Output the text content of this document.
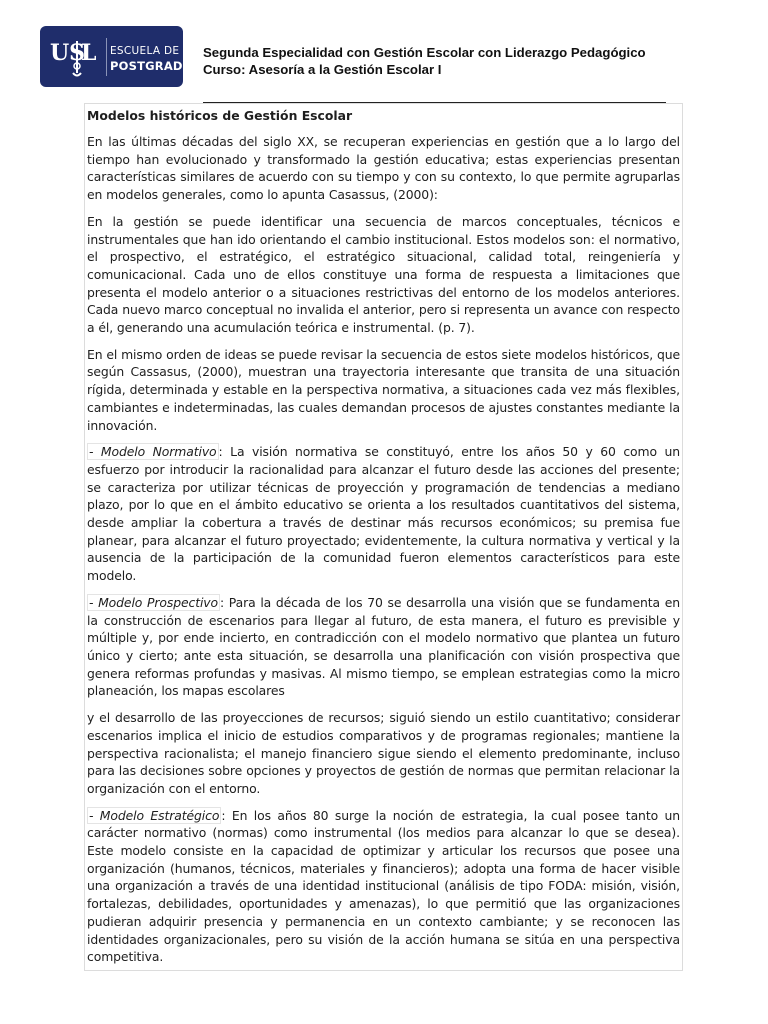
US
L ESCUELA DE
POSTGRADO
Segunda Especialidad con Gestión Escolar con Liderazgo Pedagógico Curso: Asesoría a la Gestión Escolar I
Modelos históricos de Gestión Escolar

En las últimas décadas del siglo XX, se recuperan experiencias en gestión que a lo largo del tiempo han evolucionado y transformado la gestión educativa; estas experiencias presentan características similares de acuerdo con su tiempo y con su contexto, lo que permite agruparlas en modelos generales, como lo apunta Casassus, (2000):

En la gestión se puede identificar una secuencia de marcos conceptuales, técnicos e instrumentales que han ido orientando el cambio institucional. Estos modelos son: el normativo, el prospectivo, el estratégico, el estratégico situacional, calidad total, reingeniería y comunicacional. Cada uno de ellos constituye una forma de respuesta a limitaciones que presenta el modelo anterior o a situaciones restrictivas del entorno de los modelos anteriores. Cada nuevo marco conceptual no invalida el anterior, pero si representa un avance con respecto a él, generando una acumulación teórica e instrumental. (p. 7).

En el mismo orden de ideas se puede revisar la secuencia de estos siete modelos históricos, que según Cassasus, (2000), muestran una trayectoria interesante que transita de una situación rígida, determinada y estable en la perspectiva normativa, a situaciones cada vez más flexibles, cambiantes e indeterminadas, las cuales demandan procesos de ajustes constantes mediante la innovación.

- Modelo Normativo : La visión normativa se constituyó, entre los años 50 y 60 como un esfuerzo por introducir la racionalidad para alcanzar el futuro desde las acciones del presente; se caracteriza por utilizar técnicas de proyección y programación de tendencias a mediano plazo, por lo que en el ámbito educativo se orienta a los resultados cuantitativos del sistema, desde ampliar la cobertura a través de destinar más recursos económicos; su premisa fue planear, para alcanzar el futuro proyectado; evidentemente, la cultura normativa y vertical y la ausencia de la participación de la comunidad fueron elementos característicos para este modelo.

- Modelo Prospectivo : Para la década de los 70 se desarrolla una visión que se fundamenta en la construcción de escenarios para llegar al futuro, de esta manera, el futuro es previsible y múltiple y, por ende incierto, en contradicción con el modelo normativo que plantea un futuro único y cierto; ante esta situación, se desarrolla una planificación con visión prospectiva que genera reformas profundas y masivas. Al mismo tiempo, se emplean estrategias como la micro planeación, los mapas escolares

y el desarrollo de las proyecciones de recursos; siguió siendo un estilo cuantitativo; considerar escenarios implica el inicio de estudios comparativos y de programas regionales; mantiene la perspectiva racionalista; el manejo financiero sigue siendo el elemento predominante, incluso para las decisiones sobre opciones y proyectos de gestión de normas que permitan relacionar la organización con el entorno.

- Modelo Estratégico : En los años 80 surge la noción de estrategia, la cual posee tanto un carácter normativo (normas) como instrumental (los medios para alcanzar lo que se desea). Este modelo consiste en la capacidad de optimizar y articular los recursos que posee una organización (humanos, técnicos, materiales y financieros); adopta una forma de hacer visible una organización a través de una identidad institucional (análisis de tipo FODA: misión, visión, fortalezas, debilidades, oportunidades y amenazas), lo que permitió que las organizaciones pudieran adquirir presencia y permanencia en un contexto cambiante; y se reconocen las identidades organizacionales, pero su visión de la acción humana se sitúa en una perspectiva competitiva.
